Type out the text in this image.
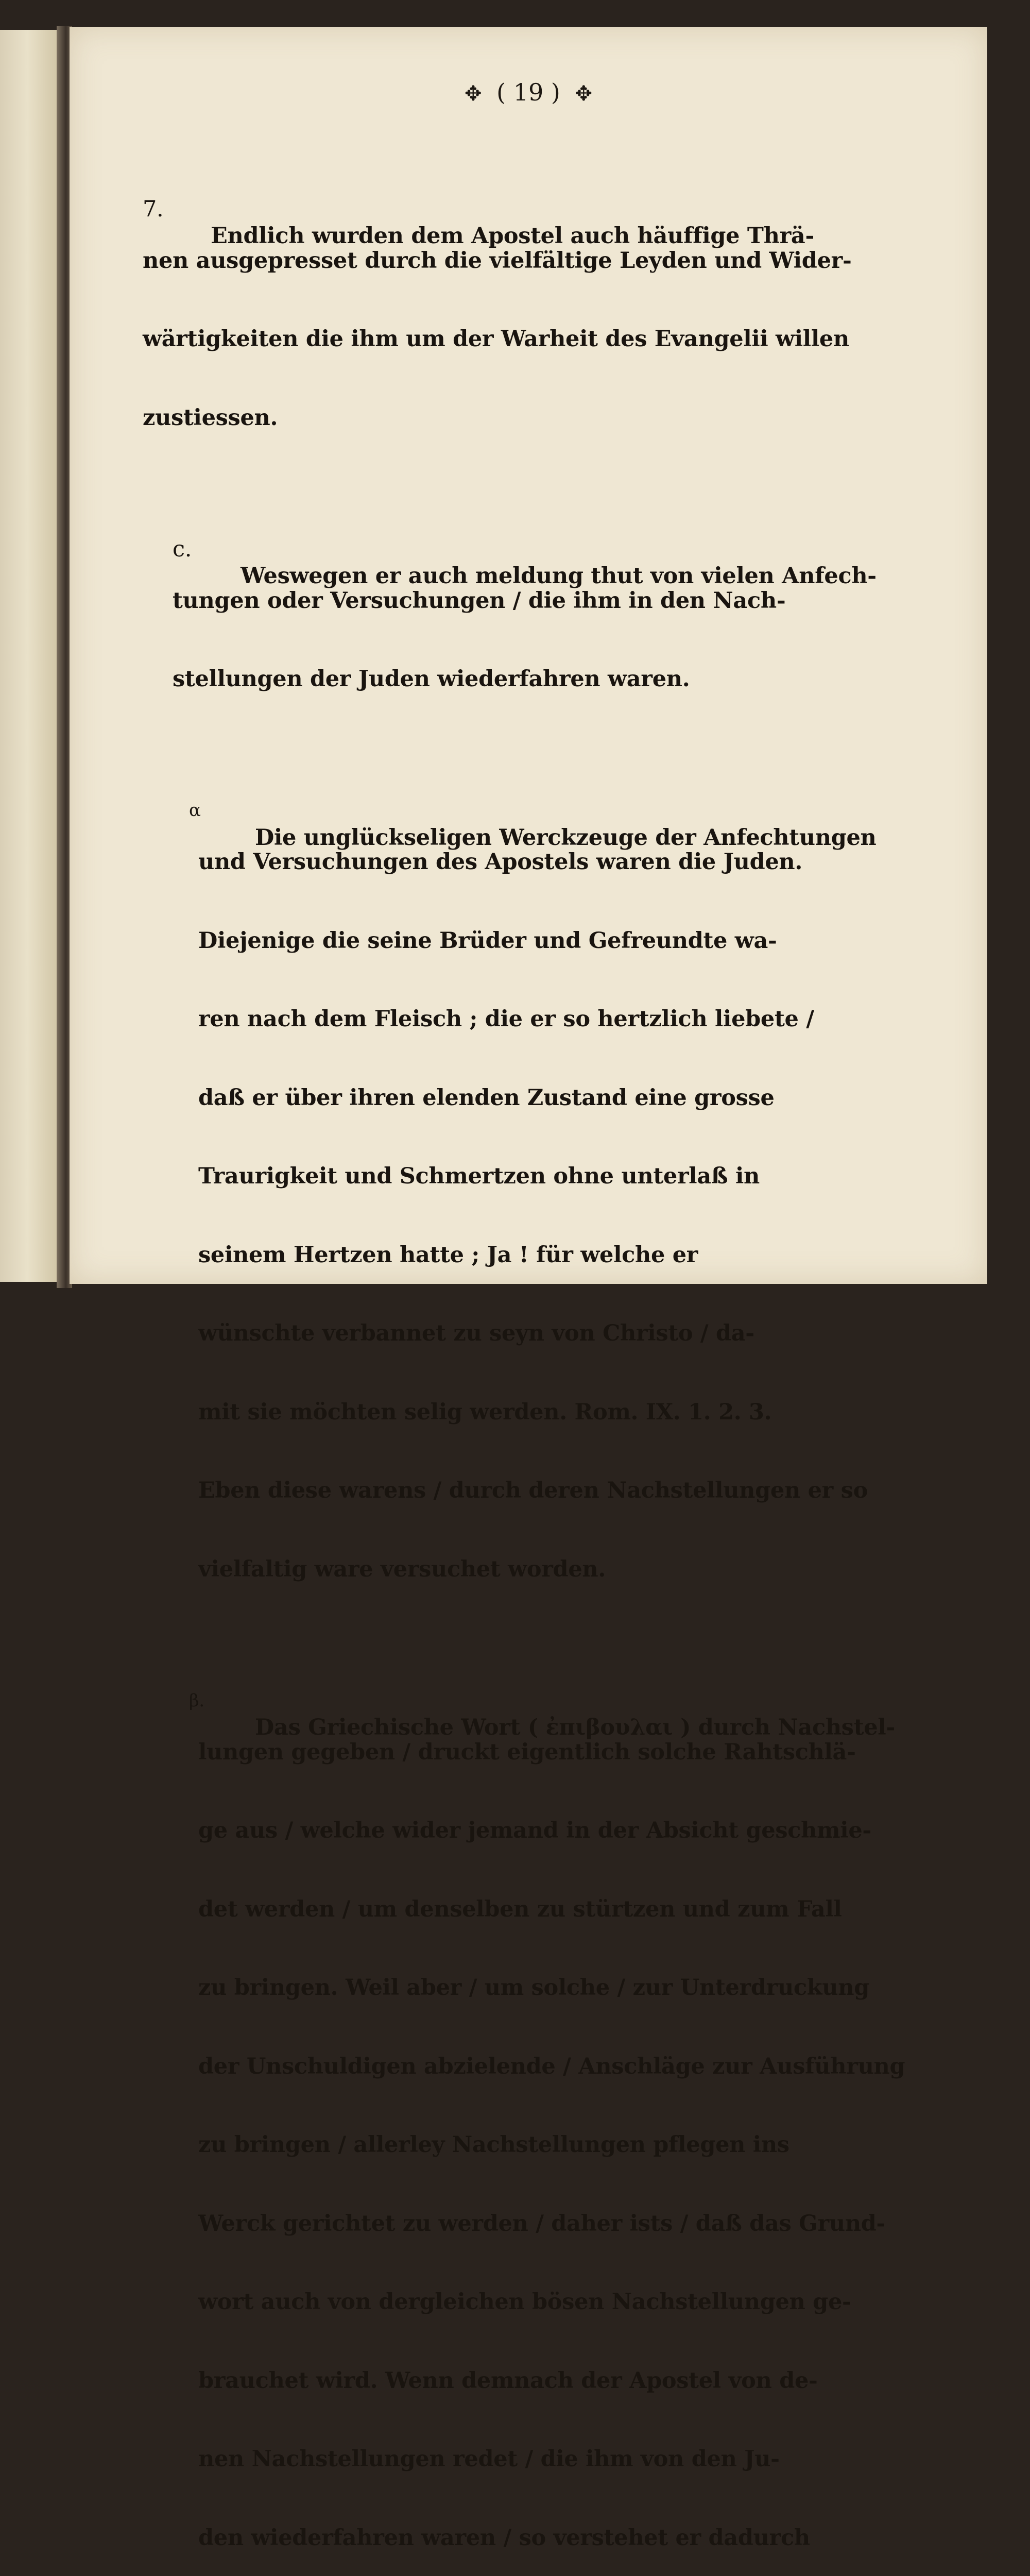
✥ ( 19 ) ✥

7.

Endlich wurden dem Apostel auch häuffige Thrä-

nen ausgepresset durch die vielfältige Leyden und Wider-

wärtigkeiten die ihm um der Warheit des Evangelii willen

zustiessen.

c.

Weswegen er auch meldung thut von vielen Anfech-

tungen oder Versuchungen / die ihm in den Nach-

stellungen der Juden wiederfahren waren.

α

Die unglückseligen Werckzeuge der Anfechtungen

und Versuchungen des Apostels waren die Juden.

Diejenige die seine Brüder und Gefreundte wa-

ren nach dem Fleisch ; die er so hertzlich liebete /

daß er über ihren elenden Zustand eine grosse

Traurigkeit und Schmertzen ohne unterlaß in

seinem Hertzen hatte ; Ja ! für welche er

wünschte verbannet zu seyn von Christo / da-

mit sie möchten selig werden. Rom. IX. 1. 2. 3.

Eben diese warens / durch deren Nachstellungen er so

vielfaltig ware versuchet worden.

β.

Das Griechische Wort ( ἐπιβουλαι ) durch Nachstel-

lungen gegeben / druckt eigentlich solche Rahtschlä-

ge aus / welche wider jemand in der Absicht geschmie-

det werden / um denselben zu stürtzen und zum Fall

zu bringen. Weil aber / um solche / zur Unterdruckung

der Unschuldigen abzielende / Anschläge zur Ausführung

zu bringen / allerley Nachstellungen pflegen ins

Werck gerichtet zu werden / daher ists / daß das Grund-

wort auch von dergleichen bösen Nachstellungen ge-

brauchet wird. Wenn demnach der Apostel von de-

nen Nachstellungen redet / die ihm von den Ju-

den wiederfahren waren / so verstehet er dadurch
